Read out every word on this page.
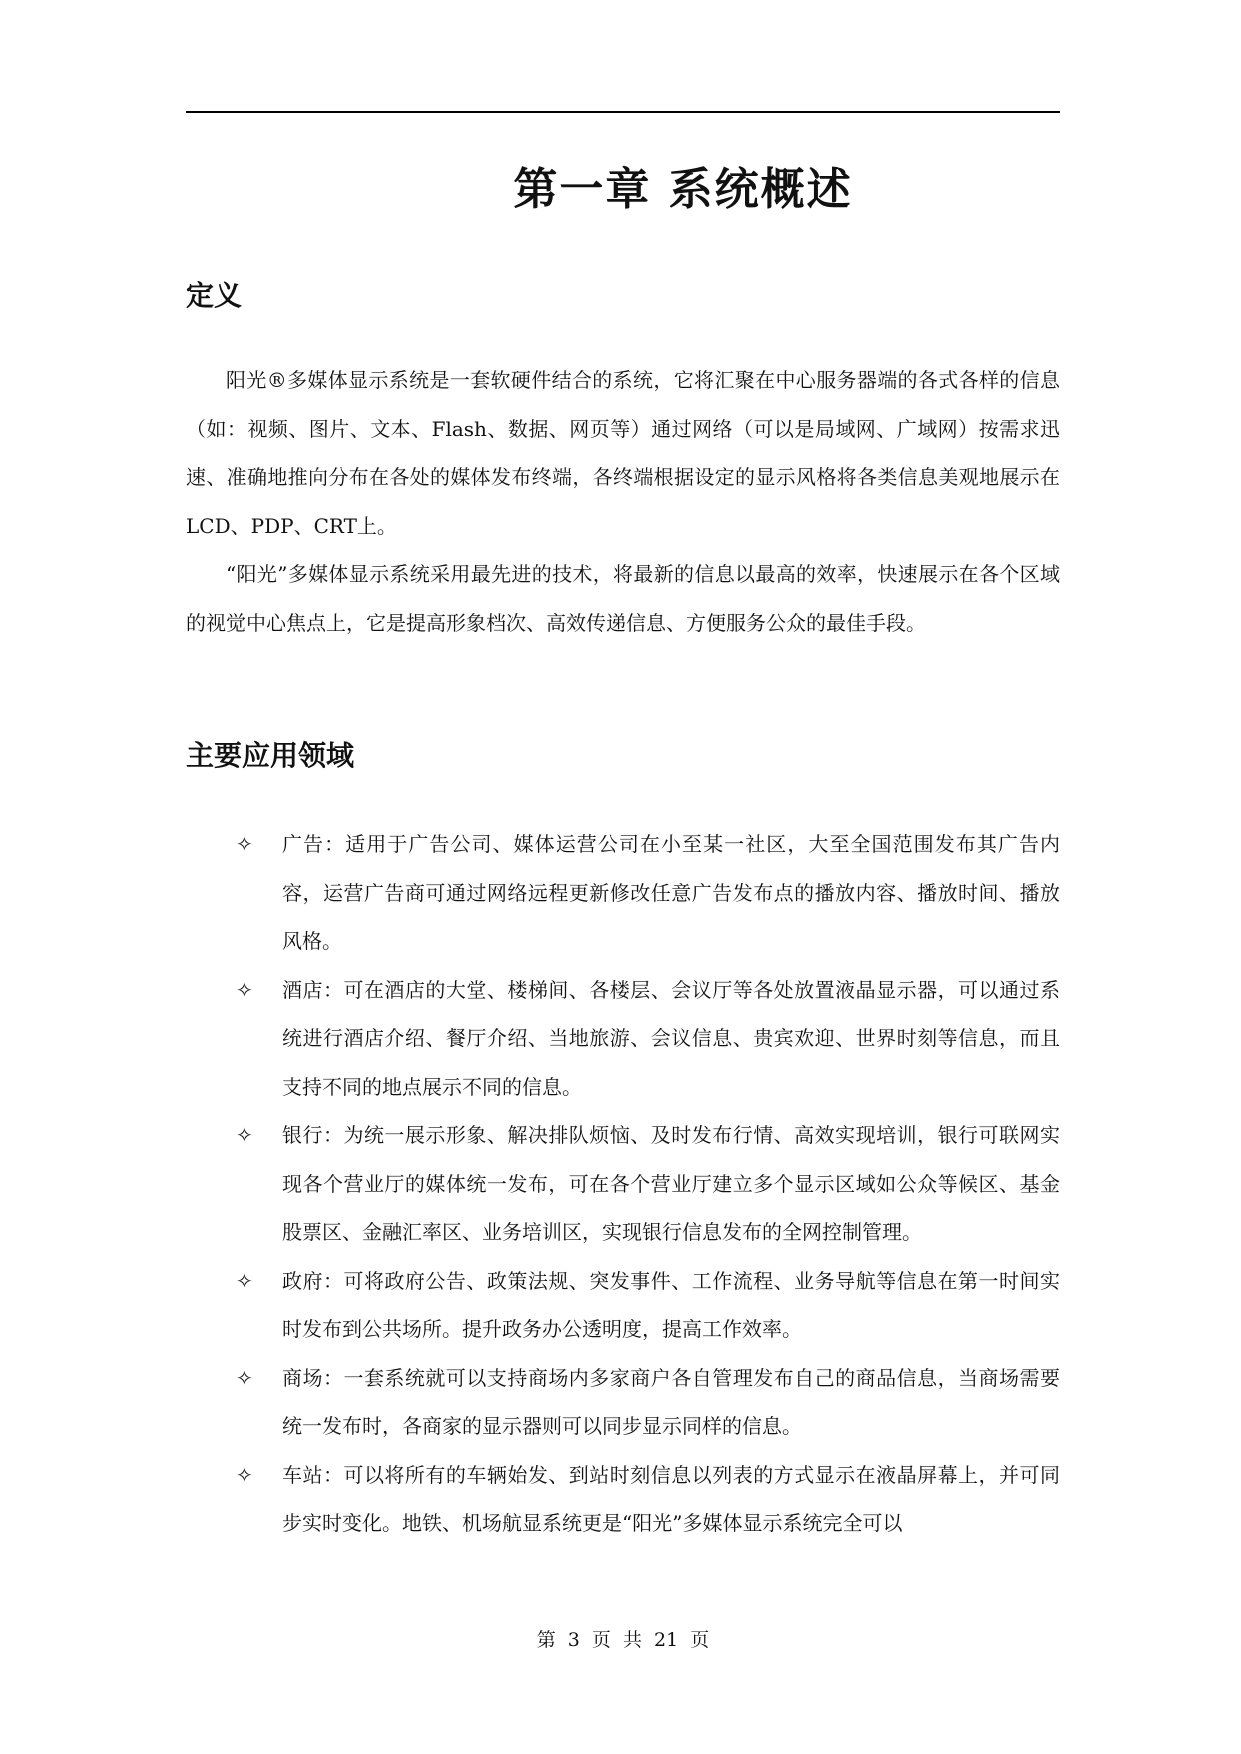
第一章 系统概述
定义

阳光®多媒体显示系统是一套软硬件结合的系统，它将汇聚在中心服务器端的各式各样的信息（如：视频、图片、文本、Flash、数据、网页等）通过网络（可以是局域网、广域网）按需求迅速、准确地推向分布在各处的媒体发布终端，各终端根据设定的显示风格将各类信息美观地展示在LCD、PDP、CRT上。

“阳光”多媒体显示系统采用最先进的技术，将最新的信息以最高的效率，快速展示在各个区域的视觉中心焦点上，它是提高形象档次、高效传递信息、方便服务公众的最佳手段。

主要应用领域
✧ 广告：适用于广告公司、媒体运营公司在小至某一社区，大至全国范围发布其广告内容，运营广告商可通过网络远程更新修改任意广告发布点的播放内容、播放时间、播放风格。
✧ 酒店：可在酒店的大堂、楼梯间、各楼层、会议厅等各处放置液晶显示器，可以通过系统进行酒店介绍、餐厅介绍、当地旅游、会议信息、贵宾欢迎、世界时刻等信息，而且支持不同的地点展示不同的信息。
✧ 银行：为统一展示形象、解决排队烦恼、及时发布行情、高效实现培训，银行可联网实现各个营业厅的媒体统一发布，可在各个营业厅建立多个显示区域如公众等候区、基金股票区、金融汇率区、业务培训区，实现银行信息发布的全网控制管理。
✧ 政府：可将政府公告、政策法规、突发事件、工作流程、业务导航等信息在第一时间实时发布到公共场所。提升政务办公透明度，提高工作效率。
✧ 商场：一套系统就可以支持商场内多家商户各自管理发布自己的商品信息，当商场需要统一发布时，各商家的显示器则可以同步显示同样的信息。
✧ 车站：可以将所有的车辆始发、到站时刻信息以列表的方式显示在液晶屏幕上，并可同步实时变化。地铁、机场航显系统更是“阳光”多媒体显示系统完全可以
第 3 页 共 21 页
